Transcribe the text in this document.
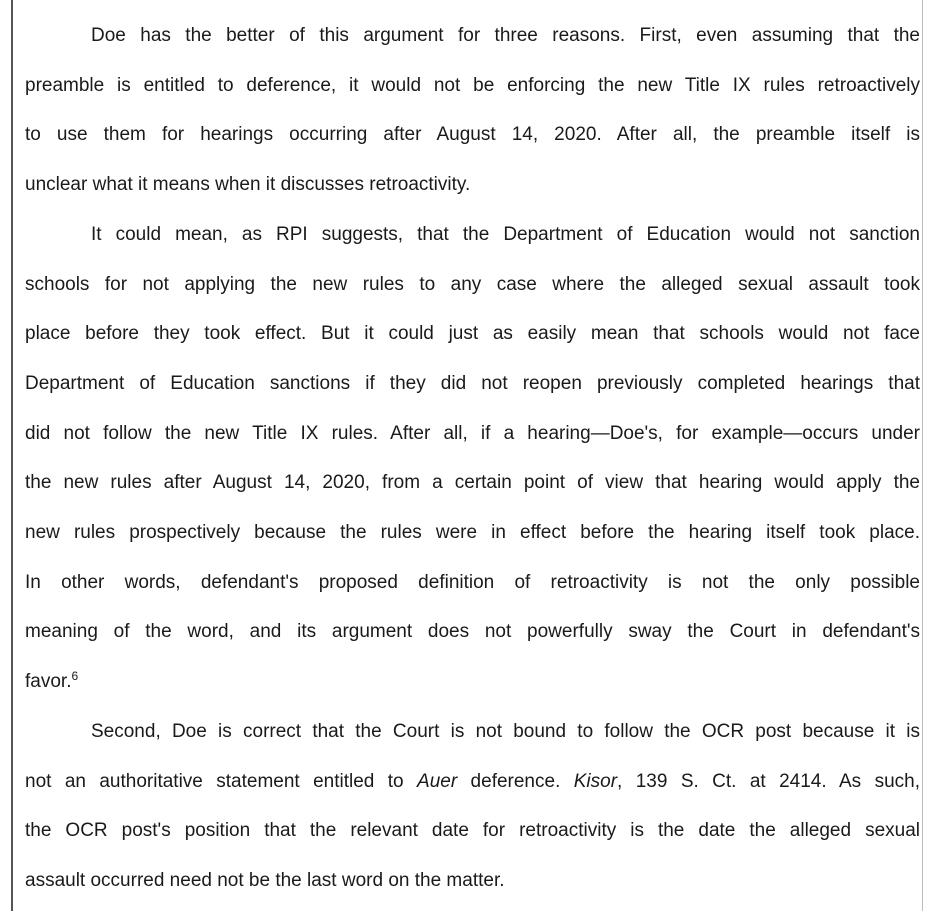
Doe has the better of this argument for three reasons. First, even assuming that the
preamble is entitled to deference, it would not be enforcing the new Title IX rules retroactively
to use them for hearings occurring after August 14, 2020. After all, the preamble itself is
unclear what it means when it discusses retroactivity.
It could mean, as RPI suggests, that the Department of Education would not sanction
schools for not applying the new rules to any case where the alleged sexual assault took
place before they took effect. But it could just as easily mean that schools would not face
Department of Education sanctions if they did not reopen previously completed hearings that
did not follow the new Title IX rules. After all, if a hearing—Doe's, for example—occurs under
the new rules after August 14, 2020, from a certain point of view that hearing would apply the
new rules prospectively because the rules were in effect before the hearing itself took place.
In other words, defendant's proposed definition of retroactivity is not the only possible
meaning of the word, and its argument does not powerfully sway the Court in defendant's
favor.$^6$
Second, Doe is correct that the Court is not bound to follow the OCR post because it is
not an authoritative statement entitled to Auer deference. Kisor, 139 S. Ct. at 2414. As such,
the OCR post's position that the relevant date for retroactivity is the date the alleged sexual
assault occurred need not be the last word on the matter.
